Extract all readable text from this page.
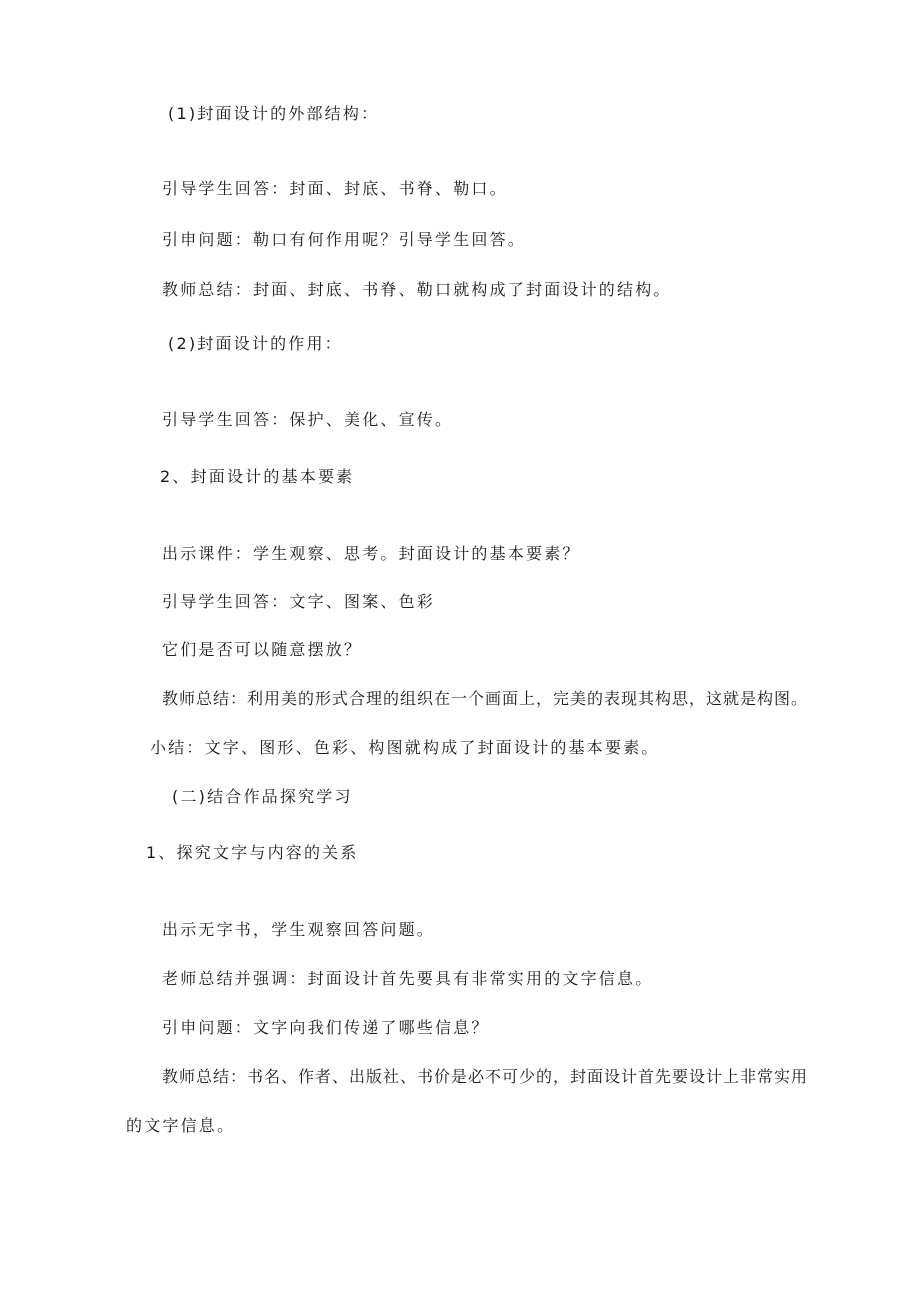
(1)封面设计的外部结构：
引导学生回答：封面、封底、书脊、勒口。
引申问题：勒口有何作用呢？引导学生回答。
教师总结：封面、封底、书脊、勒口就构成了封面设计的结构。
(2)封面设计的作用：
引导学生回答：保护、美化、宣传。
2、封面设计的基本要素
出示课件：学生观察、思考。封面设计的基本要素？
引导学生回答：文字、图案、色彩
它们是否可以随意摆放？
教师总结：利用美的形式合理的组织在一个画面上，完美的表现其构思，这就是构图。
小结：文字、图形、色彩、构图就构成了封面设计的基本要素。
(二)结合作品探究学习
1、探究文字与内容的关系
出示无字书，学生观察回答问题。
老师总结并强调：封面设计首先要具有非常实用的文字信息。
引申问题：文字向我们传递了哪些信息？
教师总结：书名、作者、出版社、书价是必不可少的，封面设计首先要设计上非常实用
的文字信息。
